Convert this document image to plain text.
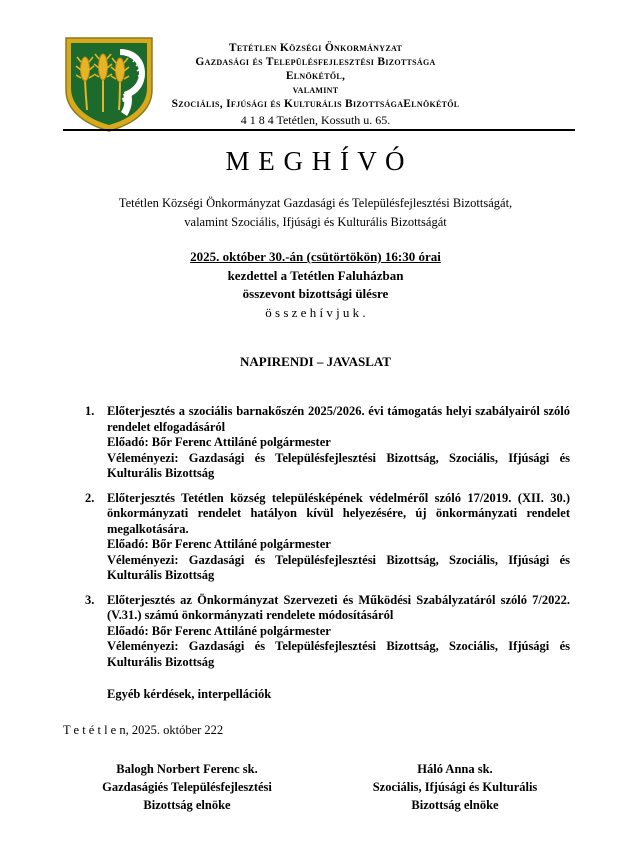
Tetétlen Községi Önkormányzat
Gazdasági és Településfejlesztési Bizottsága
Elnökétől,
valamint
Szociális, Ifjúsági és Kulturális BizottságaElnökétől
4 1 8 4 Tetétlen, Kossuth u. 65.
M E G H Í V Ó
Tetétlen Községi Önkormányzat Gazdasági és Településfejlesztési Bizottságát,
valamint Szociális, Ifjúsági és Kulturális Bizottságát
2025. október 30.-án (csütörtökön) 16:30 órai
kezdettel a Tetétlen Faluházban
összevont bizottsági ülésre
ö s s z e h í v j u k .
NAPIRENDI – JAVASLAT
1.	Előterjesztés a szociális barnakőszén 2025/2026. évi támogatás helyi szabályairól szóló rendelet elfogadásáról
Előadó: Bőr Ferenc Attiláné polgármester
Véleményezi: Gazdasági és Településfejlesztési Bizottság, Szociális, Ifjúsági és Kulturális Bizottság
2.	Előterjesztés Tetétlen község településképének védelméről szóló 17/2019. (XII. 30.) önkormányzati rendelet hatályon kívül helyezésére, új önkormányzati rendelet megalkotására.
Előadó: Bőr Ferenc Attiláné polgármester
Véleményezi: Gazdasági és Településfejlesztési Bizottság, Szociális, Ifjúsági és Kulturális Bizottság
3.	Előterjesztés az Önkormányzat Szervezeti és Működési Szabályzatáról szóló 7/2022. (V.31.) számú önkormányzati rendelete módosításáról
Előadó: Bőr Ferenc Attiláné polgármester
Véleményezi: Gazdasági és Településfejlesztési Bizottság, Szociális, Ifjúsági és Kulturális Bizottság
Egyéb kérdések, interpellációk
T e t é t l e n, 2025. október 222
Balogh Norbert Ferenc sk.
Gazdaságiés Településfejlesztési
Bizottság elnöke
Háló Anna sk.
Szociális, Ifjúsági és Kulturális
Bizottság elnöke
